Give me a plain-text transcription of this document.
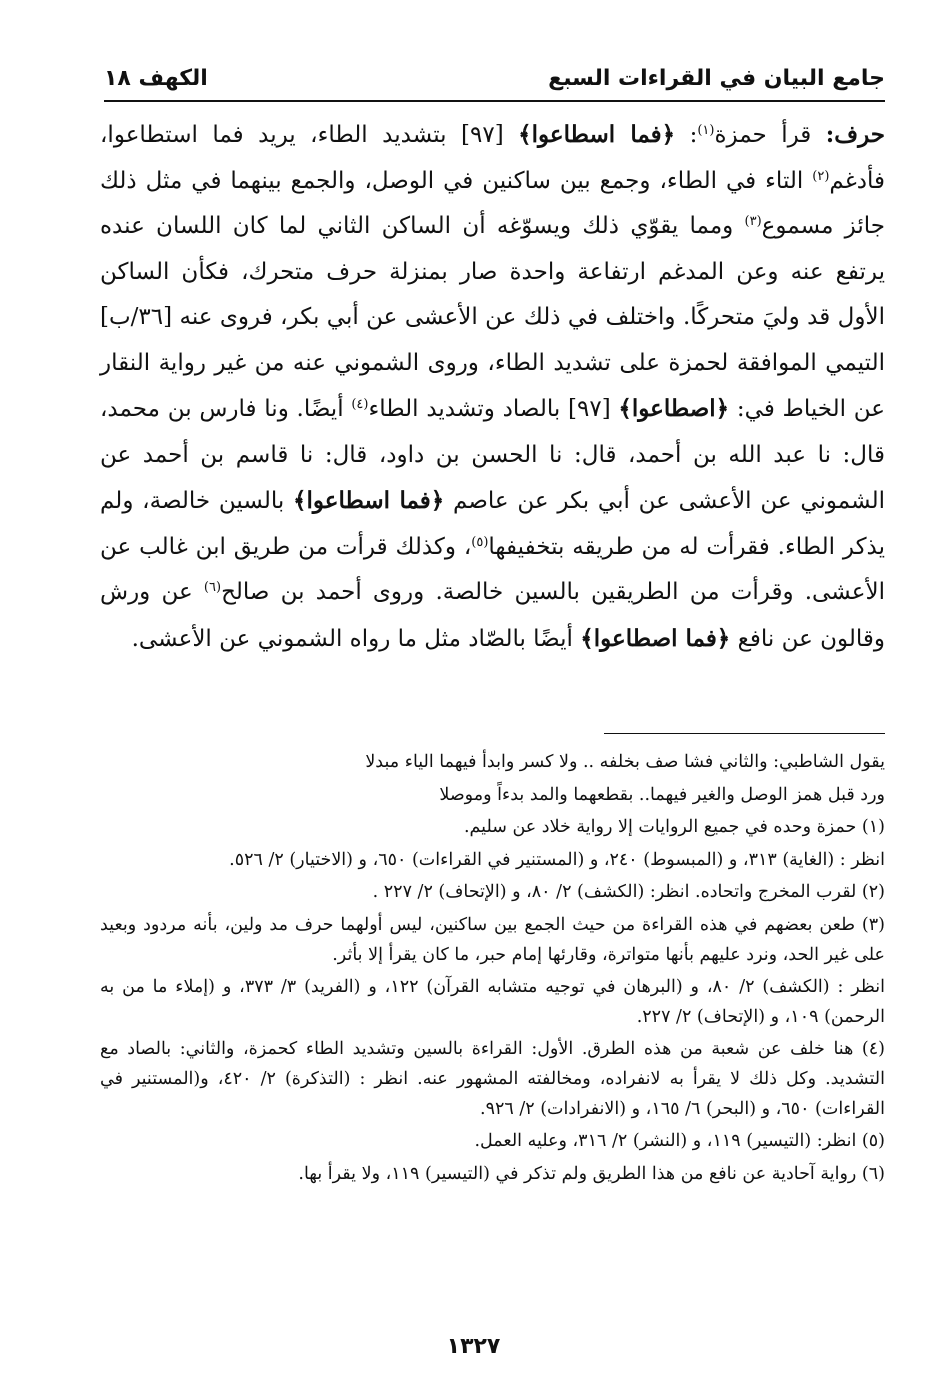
جامع البيان في القراءات السبع
الكهف ١٨

حرف: قرأ حمزة$^{(١)}$: ﴿فما اسطاعوا﴾ [٩٧] بتشديد الطاء، يريد فما استطاعوا، فأدغم$^{(٢)}$ التاء في الطاء، وجمع بين ساكنين في الوصل، والجمع بينهما في مثل ذلك جائز مسموع$^{(٣)}$ ومما يقوّي ذلك ويسوّغه أن الساكن الثاني لما كان اللسان عنده يرتفع عنه وعن المدغم ارتفاعة واحدة صار بمنزلة حرف متحرك، فكأن الساكن الأول قد وليَ متحركًا. واختلف في ذلك عن الأعشى عن أبي بكر، فروى عنه [٣٦/ب] التيمي الموافقة لحمزة على تشديد الطاء، وروى الشموني عنه من غير رواية النقار عن الخياط في: ﴿اصطاعوا﴾ [٩٧] بالصاد وتشديد الطاء$^{(٤)}$ أيضًا. ونا فارس بن محمد، قال: نا عبد الله بن أحمد، قال: نا الحسن بن داود، قال: نا قاسم بن أحمد عن الشموني عن الأعشى عن أبي بكر عن عاصم ﴿فما اسطاعوا﴾ بالسين خالصة، ولم يذكر الطاء. فقرأت له من طريقه بتخفيفها$^{(٥)}$، وكذلك قرأت من طريق ابن غالب عن الأعشى. وقرأت من الطريقين بالسين خالصة. وروى أحمد بن صالح$^{(٦)}$ عن ورش وقالون عن نافع ﴿فما اصطاعوا﴾ أيضًا بالصّاد مثل ما رواه الشموني عن الأعشى.

يقول الشاطبي: والثاني فشا صف بخلفه .. ولا كسر وابدأ فيهما الياء مبدلا

ورد قبل همز الوصل والغير فيهما.. بقطعهما والمد بدءاً وموصلا

(١) حمزة وحده في جميع الروايات إلا رواية خلاد عن سليم.

انظر : (الغاية) ٣١٣، و (المبسوط) ٢٤٠، و (المستنير في القراءات) ٦٥٠، و (الاختيار) ٢/ ٥٢٦.

(٢) لقرب المخرج واتحاده. انظر: (الكشف) ٢/ ٨٠، و (الإتحاف) ٢/ ٢٢٧ .

(٣) طعن بعضهم في هذه القراءة من حيث الجمع بين ساكنين، ليس أولهما حرف مد ولين، بأنه مردود وبعيد على غير الحد، ونرد عليهم بأنها متواترة، وقارئها إمام حبر، ما كان يقرأ إلا بأثر.

انظر : (الكشف) ٢/ ٨٠، و (البرهان في توجيه متشابه القرآن) ١٢٢، و (الفريد) ٣/ ٣٧٣، و (إملاء ما من به الرحمن) ١٠٩، و (الإتحاف) ٢/ ٢٢٧.

(٤) هنا خلف عن شعبة من هذه الطرق. الأول: القراءة بالسين وتشديد الطاء كحمزة، والثاني: بالصاد مع التشديد. وكل ذلك لا يقرأ به لانفراده، ومخالفته المشهور عنه. انظر : (التذكرة) ٢/ ٤٢٠، و(المستنير في القراءات) ٦٥٠، و (البحر) ٦/ ١٦٥، و (الانفرادات) ٢/ ٩٢٦.

(٥) انظر: (التيسير) ١١٩، و (النشر) ٢/ ٣١٦، وعليه العمل.

(٦) رواية آحادية عن نافع من هذا الطريق ولم تذكر في (التيسير) ١١٩، ولا يقرأ بها.

١٣٢٧
